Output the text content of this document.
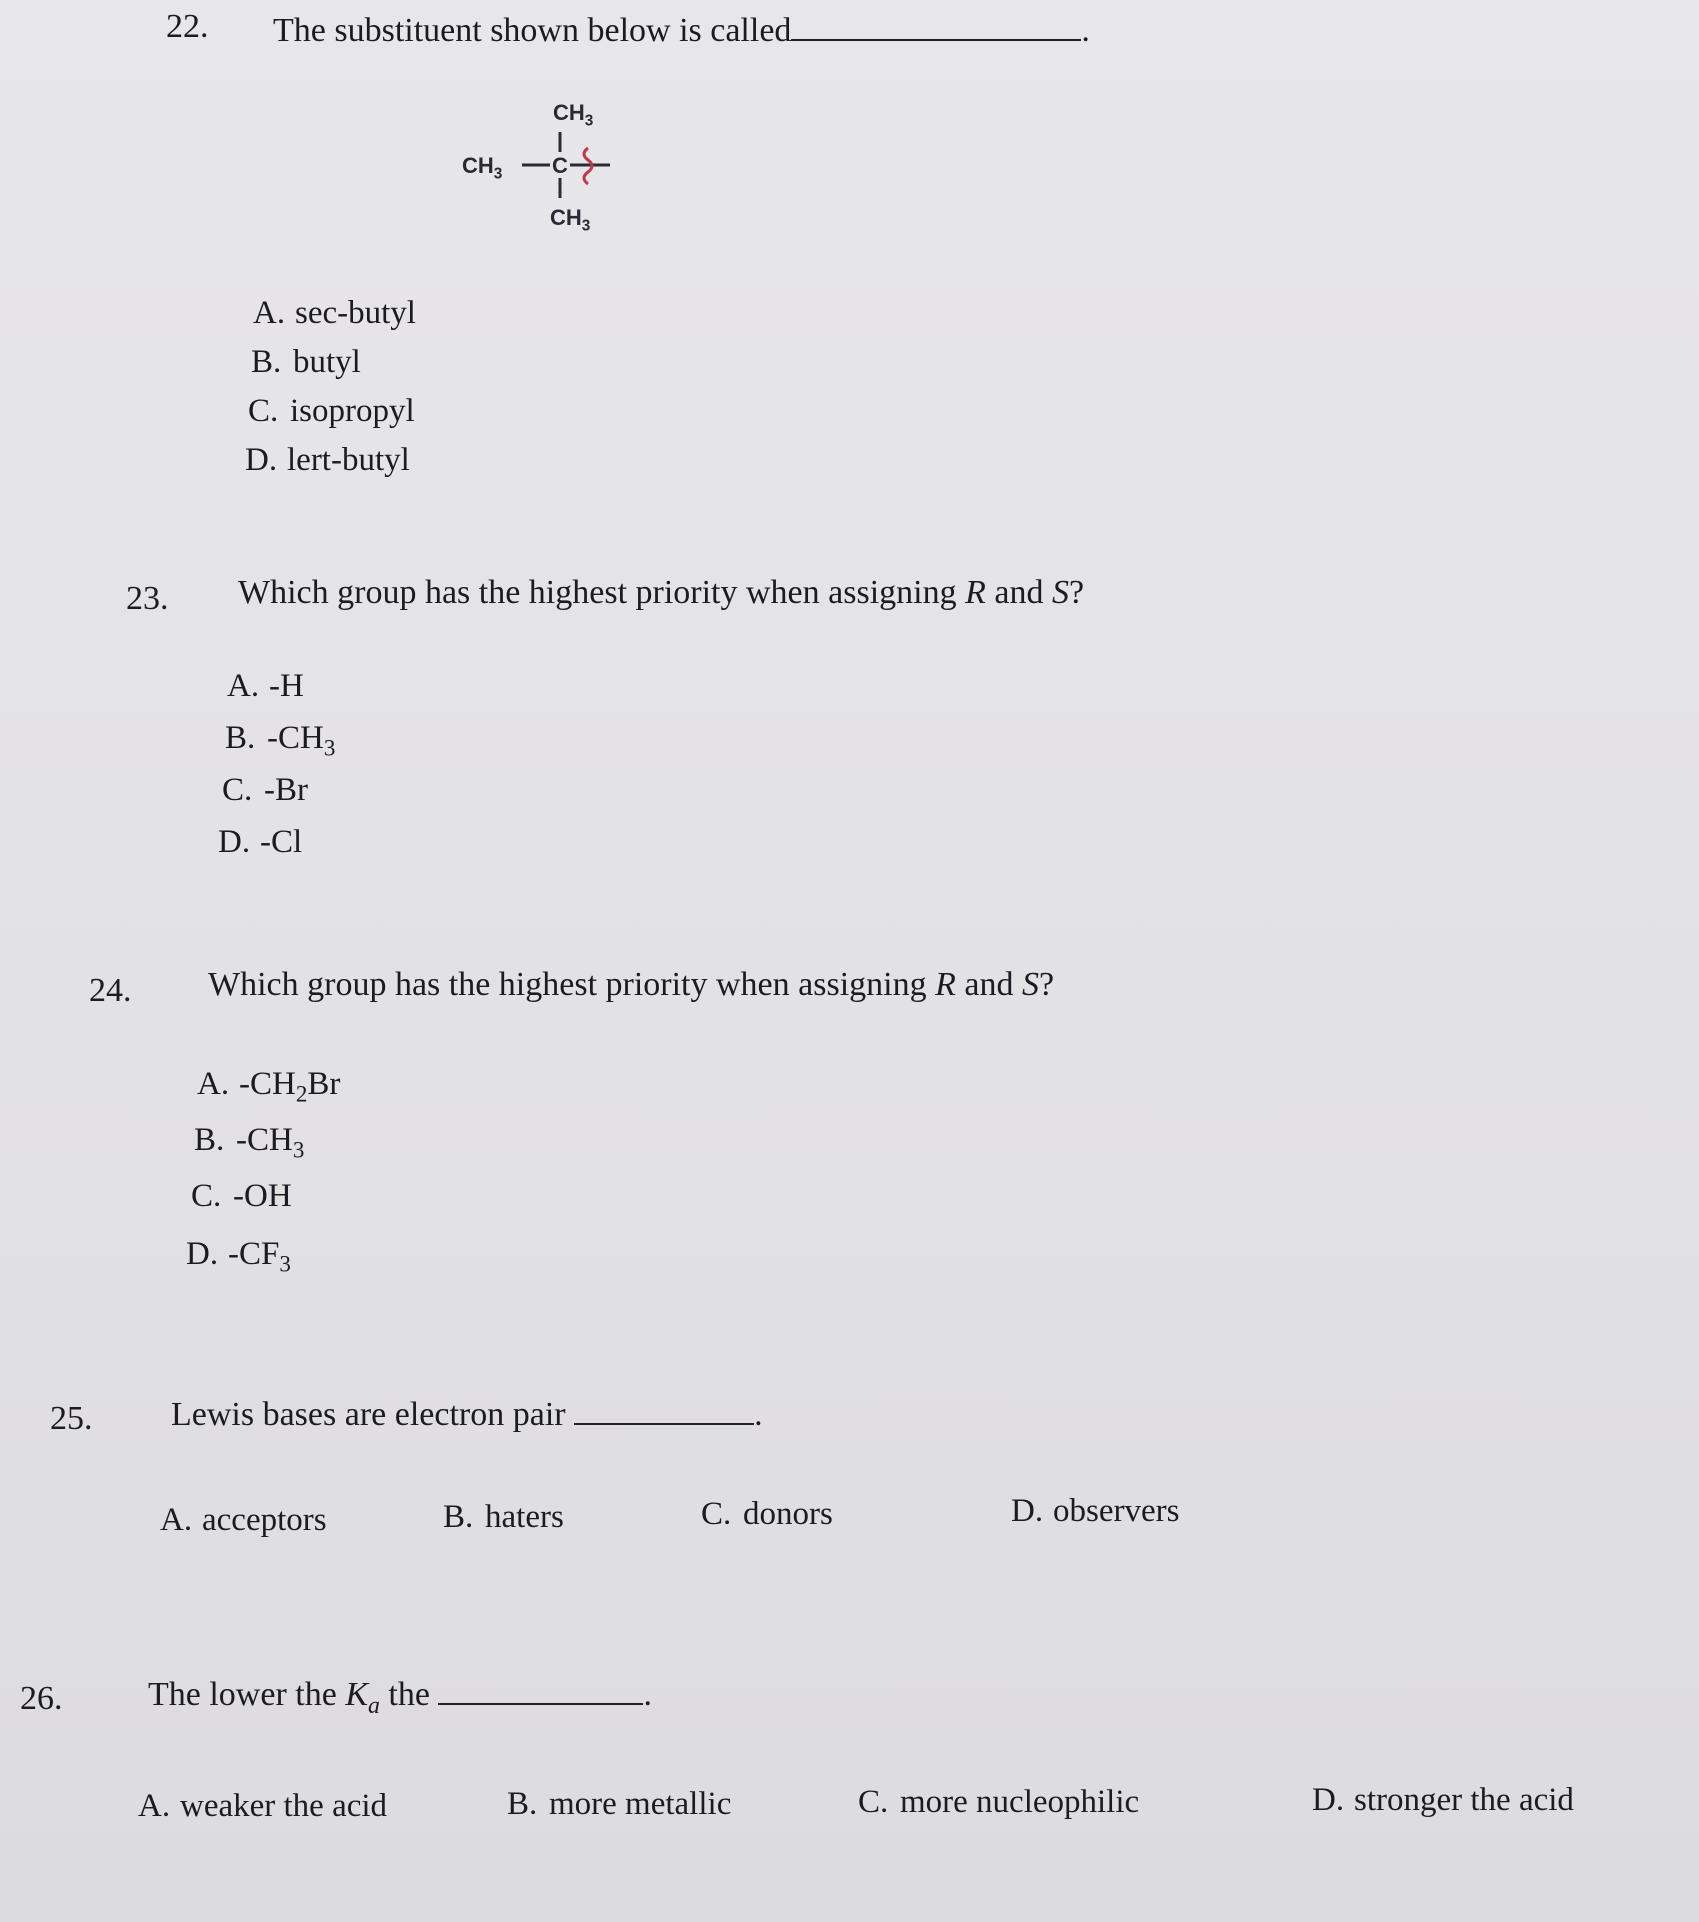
22. The substituent shown below is called	.
$CH_3$
$CH_3$ C
$CH_3$
A. sec-butyl
B. butyl
C. isopropyl
D. lert-butyl
23. Which group has the highest priority when assigning R and S?
A. -H
B. $-CH_3$
C. -Br
D. -Cl
24. Which group has the highest priority when assigning R and S?
A. $-CH_2Br$
B. $-CH_3$
C. -OH
D. $-CF_3$
25. Lewis bases are electron pair	.
A. acceptors	B. haters	C. donors	D. observers
26.	The lower the $K_a$ the	.
A. weaker the acid	B. more metallic	C. more nucleophilic	D. stronger the acid
